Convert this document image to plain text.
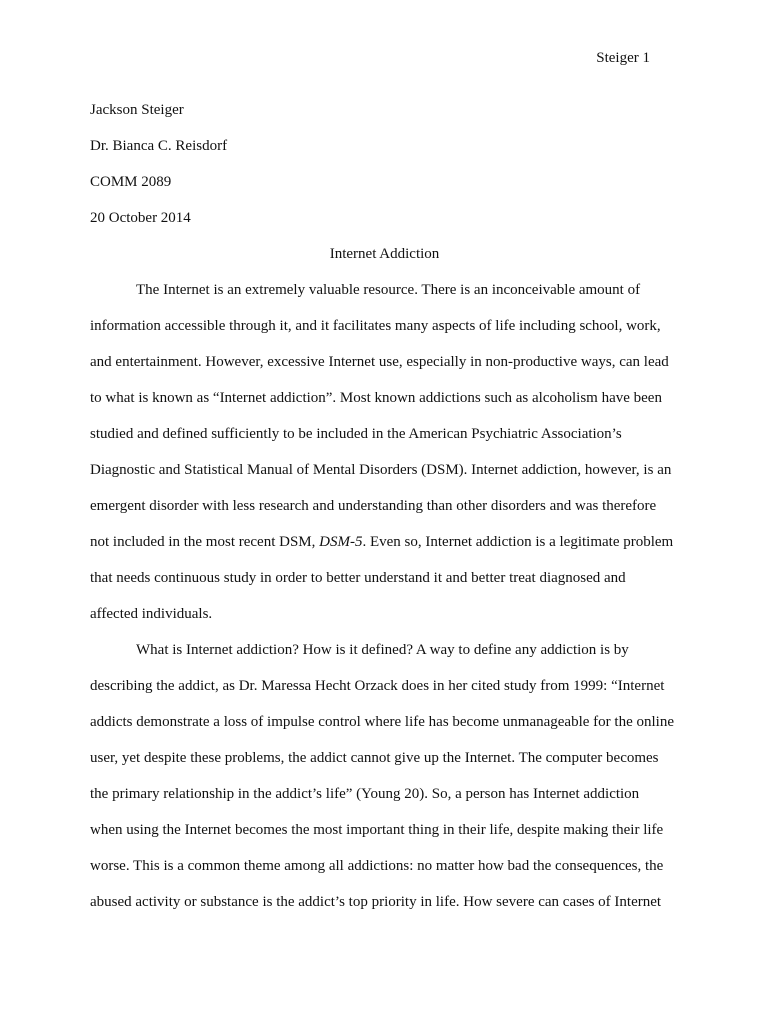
Steiger 1
Jackson Steiger
Dr. Bianca C. Reisdorf
COMM 2089
20 October 2014
Internet Addiction
The Internet is an extremely valuable resource. There is an inconceivable amount of
information accessible through it, and it facilitates many aspects of life including school, work,
and entertainment. However, excessive Internet use, especially in non-productive ways, can lead
to what is known as “Internet addiction”. Most known addictions such as alcoholism have been
studied and defined sufficiently to be included in the American Psychiatric Association’s
Diagnostic and Statistical Manual of Mental Disorders (DSM). Internet addiction, however, is an
emergent disorder with less research and understanding than other disorders and was therefore
not included in the most recent DSM, DSM-5. Even so, Internet addiction is a legitimate problem
that needs continuous study in order to better understand it and better treat diagnosed and
affected individuals.
What is Internet addiction? How is it defined? A way to define any addiction is by
describing the addict, as Dr. Maressa Hecht Orzack does in her cited study from 1999: “Internet
addicts demonstrate a loss of impulse control where life has become unmanageable for the online
user, yet despite these problems, the addict cannot give up the Internet. The computer becomes
the primary relationship in the addict’s life” (Young 20). So, a person has Internet addiction
when using the Internet becomes the most important thing in their life, despite making their life
worse. This is a common theme among all addictions: no matter how bad the consequences, the
abused activity or substance is the addict’s top priority in life. How severe can cases of Internet
